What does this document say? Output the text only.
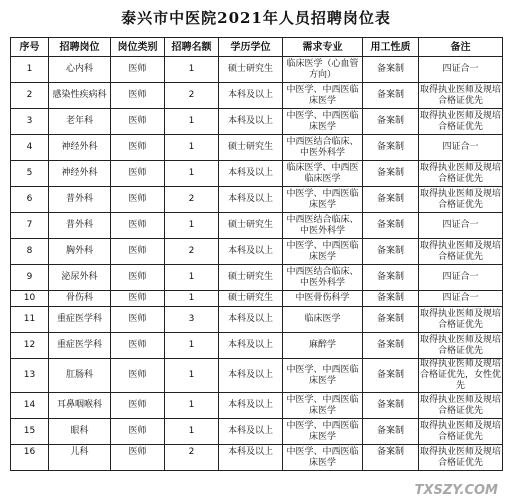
泰兴市中医院2021年人员招聘岗位表
序号	招聘岗位	岗位类别	招聘名额	学历学位	需求专业	用工性质	备注
1	心内科	医师	1	硕士研究生	临床医学（心血管方向）	备案制	四证合一
2	感染性疾病科	医师	2	本科及以上	中医学、中西医临床医学	备案制	取得执业医师及规培合格证优先
3	老年科	医师	1	本科及以上	中医学、中西医临床医学	备案制	取得执业医师及规培合格证优先
4	神经外科	医师	1	硕士研究生	中西医结合临床、中医外科学	备案制	四证合一
5	神经外科	医师	1	本科及以上	临床医学、中西医临床医学	备案制	取得执业医师及规培合格证优先
6	普外科	医师	2	本科及以上	中医学、中西医临床医学	备案制	取得执业医师及规培合格证优先
7	普外科	医师	1	硕士研究生	中西医结合临床、中医外科学	备案制	四证合一
8	胸外科	医师	2	本科及以上	中医学、中西医临床医学	备案制	取得执业医师及规培合格证优先
9	泌尿外科	医师	1	硕士研究生	中西医结合临床、中医外科学	备案制	四证合一
10	骨伤科	医师	1	硕士研究生	中医骨伤科学	备案制	四证合一
11	重症医学科	医师	3	本科及以上	临床医学	备案制	取得执业医师及规培合格证优先
12	重症医学科	医师	1	本科及以上	麻醉学	备案制	取得执业医师及规培合格证优先
13	肛肠科	医师	1	本科及以上	中医学、中西医临床医学	备案制	取得执业医师及规培合格证优先，女性优先
14	耳鼻咽喉科	医师	1	本科及以上	中医学、中西医临床医学	备案制	取得执业医师及规培合格证优先
15	眼科	医师	1	本科及以上	中医学、中西医临床医学	备案制	取得执业医师及规培合格证优先
16	儿科	医师	2	本科及以上	中医学、中西医临床医学	备案制	取得执业医师及规培合格证优先
TXSZY.COM
